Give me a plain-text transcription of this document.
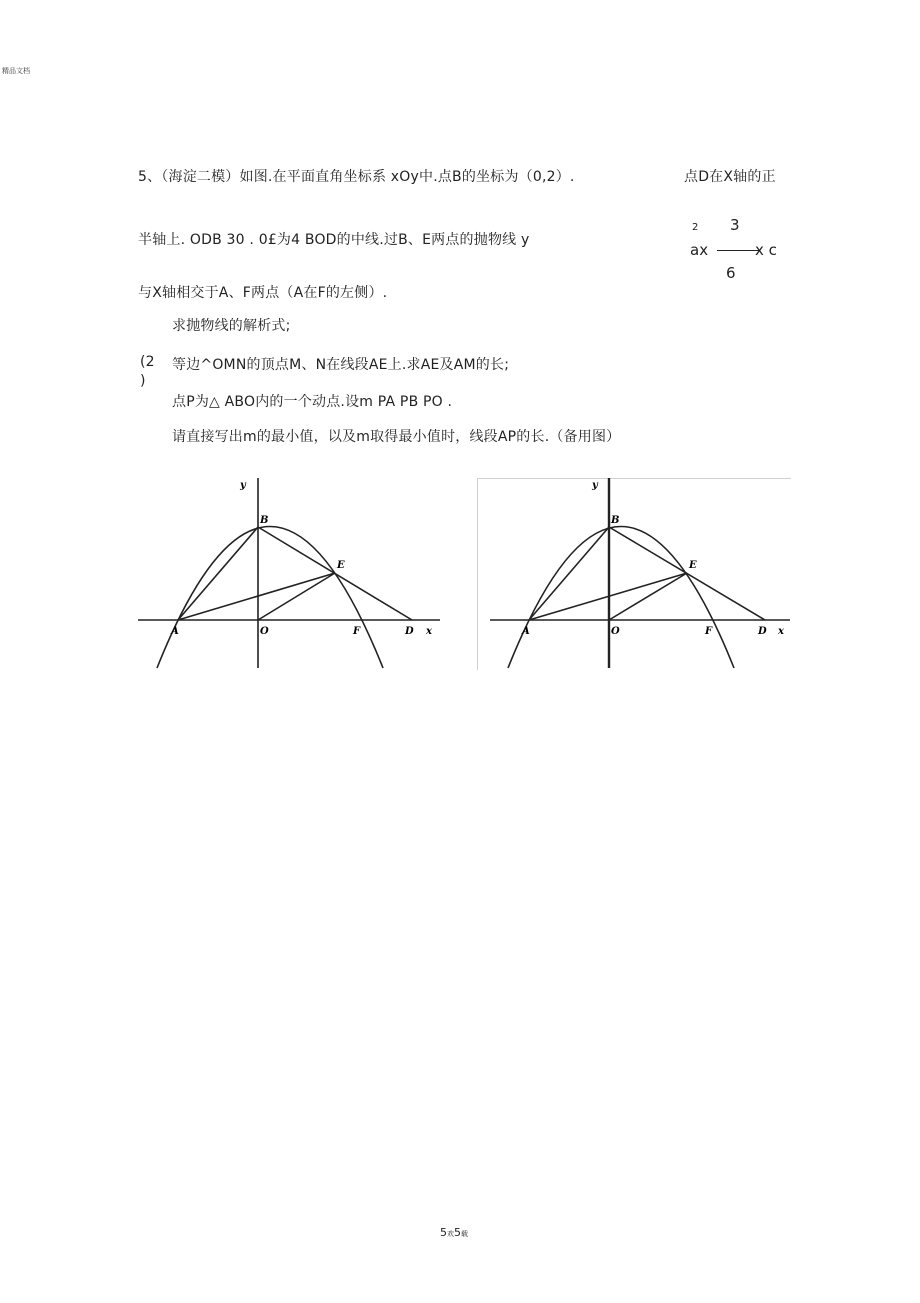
精品文档
5、（海淀二模）如图.在平面直角坐标系 xOy中.点B的坐标为（0,2）.	点D在X轴的正
半轴上. ODB 30 . 0£为4 BOD的中线.过B、E两点的抛物线 y
2 3
ax	x c
6
与X轴相交于A、F两点（A在F的左侧）.
求抛物线的解析式;
(2
)
等边^OMN的顶点M、N在线段AE上.求AE及AM的长;
点P为△ ABO内的一个动点.设m PA PB PO .
请直接写出m的最小值，以及m取得最小值时，线段AP的长.（备用图）
y
x
B
E
A	O	F	D
y
x
B
E
A	O	F	D
5欢5载
